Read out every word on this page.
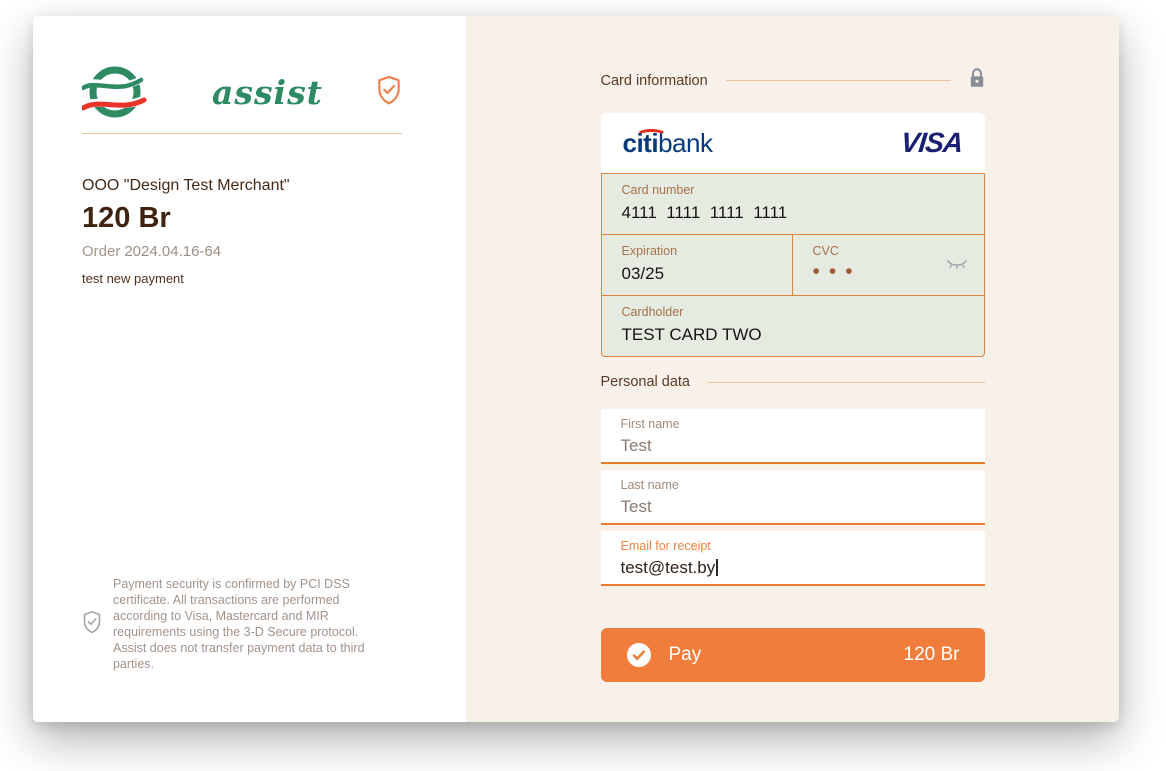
assist
OOO "Design Test Merchant"
120 Br
Order 2024.04.16-64
test new payment
Payment security is confirmed by PCI DSS certificate. All transactions are performed according to Visa, Mastercard and MIR requirements using the 3-D Secure protocol. Assist does not transfer payment data to third parties.
Card information
citibank	VISA
Card number
4111  1111  1111  1111
Expiration
03/25
CVC
•••
Cardholder
TEST CARD TWO
Personal data
First name
Test
Last name
Test
Email for receipt
test@test.by
Pay	120 Br
